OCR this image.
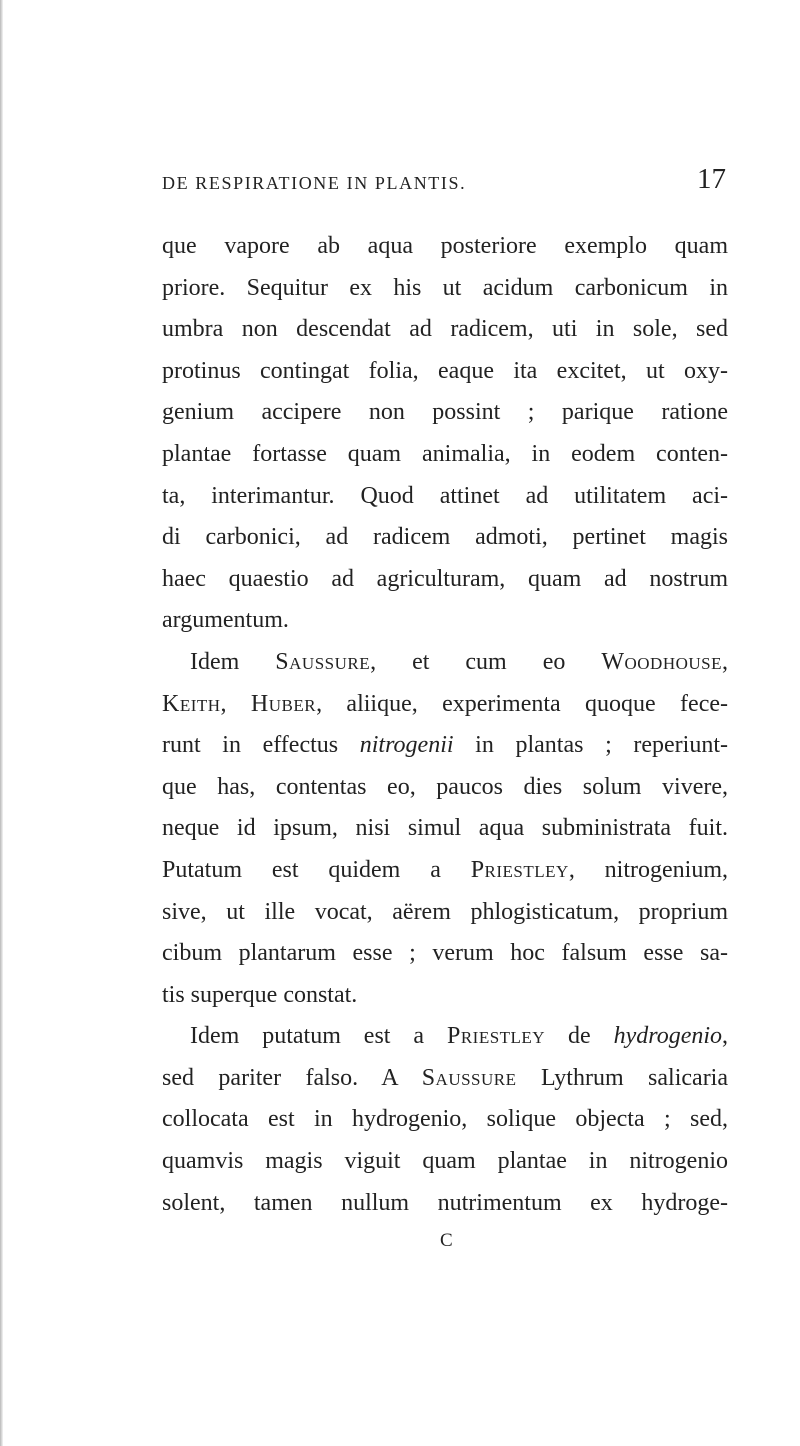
DE RESPIRATIONE IN PLANTIS.	17
que vapore ab aqua posteriore exemplo quam
priore. Sequitur ex his ut acidum carbonicum in
umbra non descendat ad radicem, uti in sole, sed
protinus contingat folia, eaque ita excitet, ut oxy-
genium accipere non possint ; parique ratione
plantae fortasse quam animalia, in eodem conten-
ta, interimantur. Quod attinet ad utilitatem aci-
di carbonici, ad radicem admoti, pertinet magis
haec quaestio ad agriculturam, quam ad nostrum
argumentum.
Idem Saussure, et cum eo Woodhouse,
Keith, Huber, aliique, experimenta quoque fece-
runt in effectus nitrogenii in plantas ; reperiunt-
que has, contentas eo, paucos dies solum vivere,
neque id ipsum, nisi simul aqua subministrata fuit.
Putatum est quidem a Priestley, nitrogenium,
sive, ut ille vocat, aërem phlogisticatum, proprium
cibum plantarum esse ; verum hoc falsum esse sa-
tis superque constat.
Idem putatum est a Priestley de hydrogenio,
sed pariter falso. A Saussure Lythrum salicaria
collocata est in hydrogenio, solique objecta ; sed,
quamvis magis viguit quam plantae in nitrogenio
solent, tamen nullum nutrimentum ex hydroge-
C
